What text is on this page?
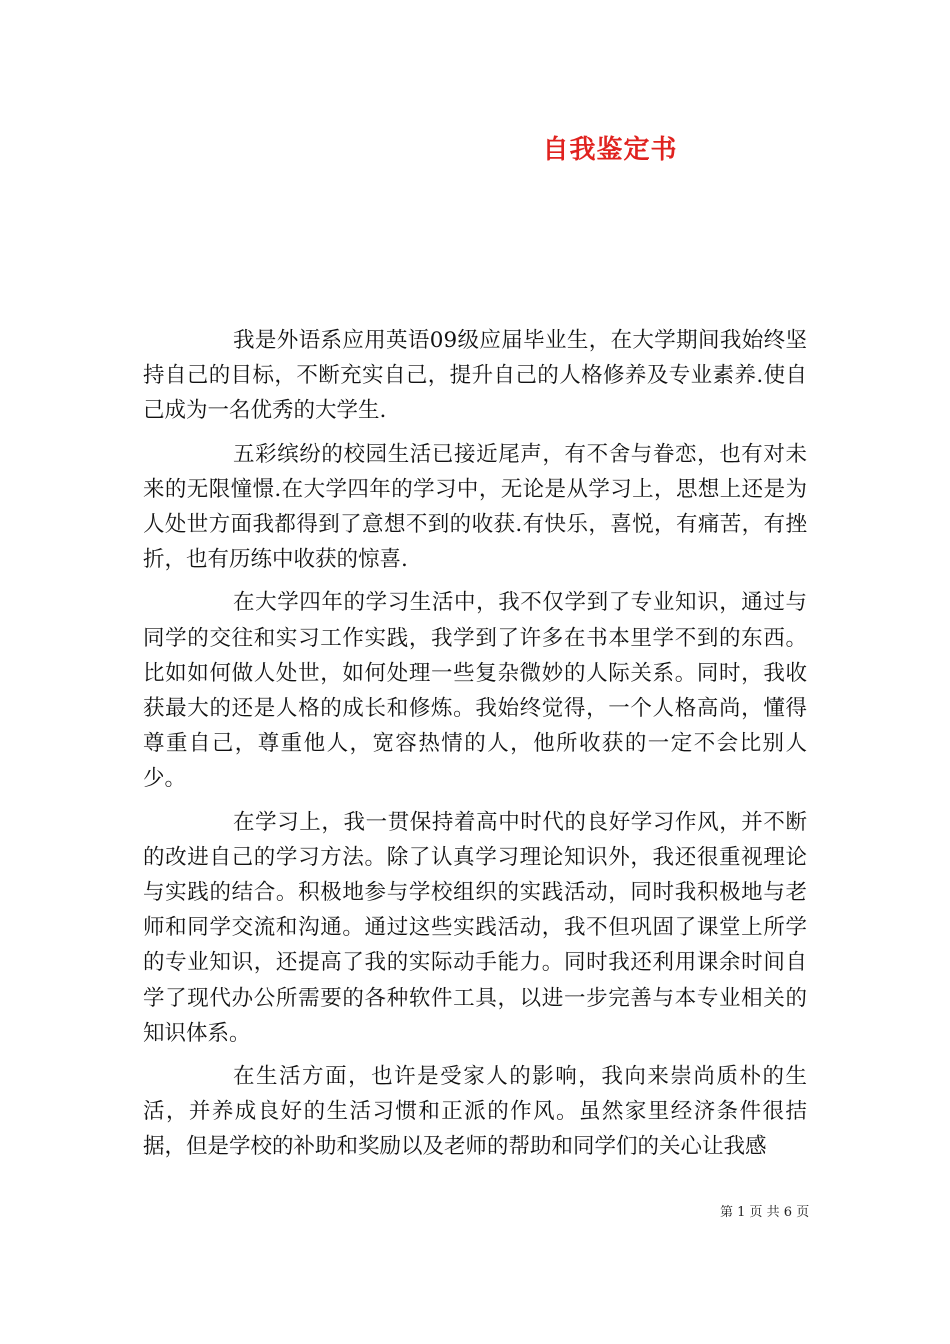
自我鉴定书

我是外语系应用英语09级应届毕业生，在大学期间我始终坚持自己的目标，不断充实自己，提升自己的人格修养及专业素养.使自己成为一名优秀的大学生.

五彩缤纷的校园生活已接近尾声，有不舍与眷恋，也有对未来的无限憧憬.在大学四年的学习中，无论是从学习上，思想上还是为人处世方面我都得到了意想不到的收获.有快乐，喜悦，有痛苦，有挫折，也有历练中收获的惊喜.

在大学四年的学习生活中，我不仅学到了专业知识，通过与同学的交往和实习工作实践，我学到了许多在书本里学不到的东西。比如如何做人处世，如何处理一些复杂微妙的人际关系。同时，我收获最大的还是人格的成长和修炼。我始终觉得，一个人格高尚，懂得尊重自己，尊重他人，宽容热情的人，他所收获的一定不会比别人少。

在学习上，我一贯保持着高中时代的良好学习作风，并不断的改进自己的学习方法。除了认真学习理论知识外，我还很重视理论与实践的结合。积极地参与学校组织的实践活动，同时我积极地与老师和同学交流和沟通。通过这些实践活动，我不但巩固了课堂上所学的专业知识，还提高了我的实际动手能力。同时我还利用课余时间自学了现代办公所需要的各种软件工具，以进一步完善与本专业相关的知识体系。

在生活方面，也许是受家人的影响，我向来崇尚质朴的生活，并养成良好的生活习惯和正派的作风。虽然家里经济条件很拮据，但是学校的补助和奖励以及老师的帮助和同学们的关心让我感

第 1 页 共 6 页
